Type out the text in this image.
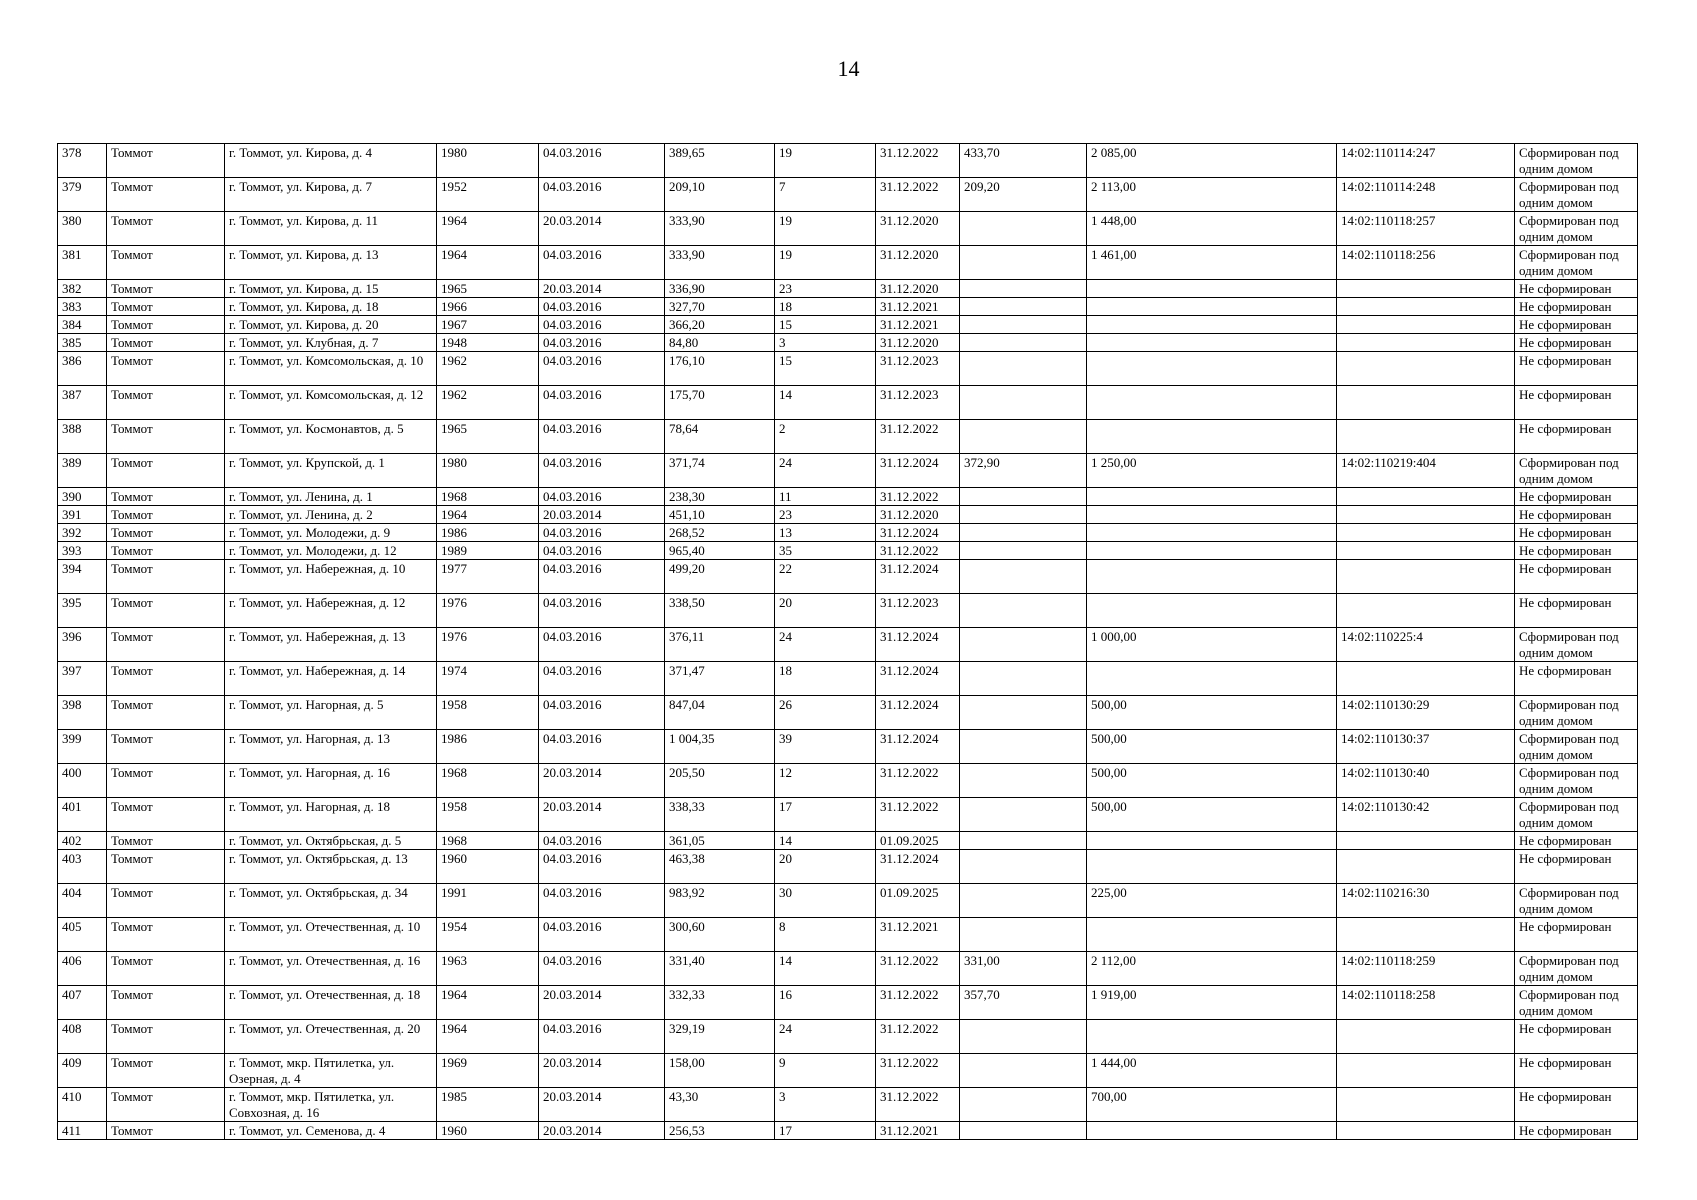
14
378	Томмот	г. Томмот, ул. Кирова, д. 4	1980	04.03.2016	389,65	19	31.12.2022	433,70	2 085,00	14:02:110114:247	Сформирован под одним домом
379	Томмот	г. Томмот, ул. Кирова, д. 7	1952	04.03.2016	209,10	7	31.12.2022	209,20	2 113,00	14:02:110114:248	Сформирован под одним домом
380	Томмот	г. Томмот, ул. Кирова, д. 11	1964	20.03.2014	333,90	19	31.12.2020		1 448,00	14:02:110118:257	Сформирован под одним домом
381	Томмот	г. Томмот, ул. Кирова, д. 13	1964	04.03.2016	333,90	19	31.12.2020		1 461,00	14:02:110118:256	Сформирован под одним домом
382	Томмот	г. Томмот, ул. Кирова, д. 15	1965	20.03.2014	336,90	23	31.12.2020				Не сформирован
383	Томмот	г. Томмот, ул. Кирова, д. 18	1966	04.03.2016	327,70	18	31.12.2021				Не сформирован
384	Томмот	г. Томмот, ул. Кирова, д. 20	1967	04.03.2016	366,20	15	31.12.2021				Не сформирован
385	Томмот	г. Томмот, ул. Клубная, д. 7	1948	04.03.2016	84,80	3	31.12.2020				Не сформирован
386	Томмот	г. Томмот, ул. Комсомольская, д. 10	1962	04.03.2016	176,10	15	31.12.2023				Не сформирован
387	Томмот	г. Томмот, ул. Комсомольская, д. 12	1962	04.03.2016	175,70	14	31.12.2023				Не сформирован
388	Томмот	г. Томмот, ул. Космонавтов, д. 5	1965	04.03.2016	78,64	2	31.12.2022				Не сформирован
389	Томмот	г. Томмот, ул. Крупской, д. 1	1980	04.03.2016	371,74	24	31.12.2024	372,90	1 250,00	14:02:110219:404	Сформирован под одним домом
390	Томмот	г. Томмот, ул. Ленина, д. 1	1968	04.03.2016	238,30	11	31.12.2022				Не сформирован
391	Томмот	г. Томмот, ул. Ленина, д. 2	1964	20.03.2014	451,10	23	31.12.2020				Не сформирован
392	Томмот	г. Томмот, ул. Молодежи, д. 9	1986	04.03.2016	268,52	13	31.12.2024				Не сформирован
393	Томмот	г. Томмот, ул. Молодежи, д. 12	1989	04.03.2016	965,40	35	31.12.2022				Не сформирован
394	Томмот	г. Томмот, ул. Набережная, д. 10	1977	04.03.2016	499,20	22	31.12.2024				Не сформирован
395	Томмот	г. Томмот, ул. Набережная, д. 12	1976	04.03.2016	338,50	20	31.12.2023				Не сформирован
396	Томмот	г. Томмот, ул. Набережная, д. 13	1976	04.03.2016	376,11	24	31.12.2024		1 000,00	14:02:110225:4	Сформирован под одним домом
397	Томмот	г. Томмот, ул. Набережная, д. 14	1974	04.03.2016	371,47	18	31.12.2024				Не сформирован
398	Томмот	г. Томмот, ул. Нагорная, д. 5	1958	04.03.2016	847,04	26	31.12.2024		500,00	14:02:110130:29	Сформирован под одним домом
399	Томмот	г. Томмот, ул. Нагорная, д. 13	1986	04.03.2016	1 004,35	39	31.12.2024		500,00	14:02:110130:37	Сформирован под одним домом
400	Томмот	г. Томмот, ул. Нагорная, д. 16	1968	20.03.2014	205,50	12	31.12.2022		500,00	14:02:110130:40	Сформирован под одним домом
401	Томмот	г. Томмот, ул. Нагорная, д. 18	1958	20.03.2014	338,33	17	31.12.2022		500,00	14:02:110130:42	Сформирован под одним домом
402	Томмот	г. Томмот, ул. Октябрьская, д. 5	1968	04.03.2016	361,05	14	01.09.2025				Не сформирован
403	Томмот	г. Томмот, ул. Октябрьская, д. 13	1960	04.03.2016	463,38	20	31.12.2024				Не сформирован
404	Томмот	г. Томмот, ул. Октябрьская, д. 34	1991	04.03.2016	983,92	30	01.09.2025		225,00	14:02:110216:30	Сформирован под одним домом
405	Томмот	г. Томмот, ул. Отечественная, д. 10	1954	04.03.2016	300,60	8	31.12.2021				Не сформирован
406	Томмот	г. Томмот, ул. Отечественная, д. 16	1963	04.03.2016	331,40	14	31.12.2022	331,00	2 112,00	14:02:110118:259	Сформирован под одним домом
407	Томмот	г. Томмот, ул. Отечественная, д. 18	1964	20.03.2014	332,33	16	31.12.2022	357,70	1 919,00	14:02:110118:258	Сформирован под одним домом
408	Томмот	г. Томмот, ул. Отечественная, д. 20	1964	04.03.2016	329,19	24	31.12.2022				Не сформирован
409	Томмот	г. Томмот, мкр. Пятилетка, ул. Озерная, д. 4	1969	20.03.2014	158,00	9	31.12.2022		1 444,00		Не сформирован
410	Томмот	г. Томмот, мкр. Пятилетка, ул. Совхозная, д. 16	1985	20.03.2014	43,30	3	31.12.2022		700,00		Не сформирован
411	Томмот	г. Томмот, ул. Семенова, д. 4	1960	20.03.2014	256,53	17	31.12.2021				Не сформирован
